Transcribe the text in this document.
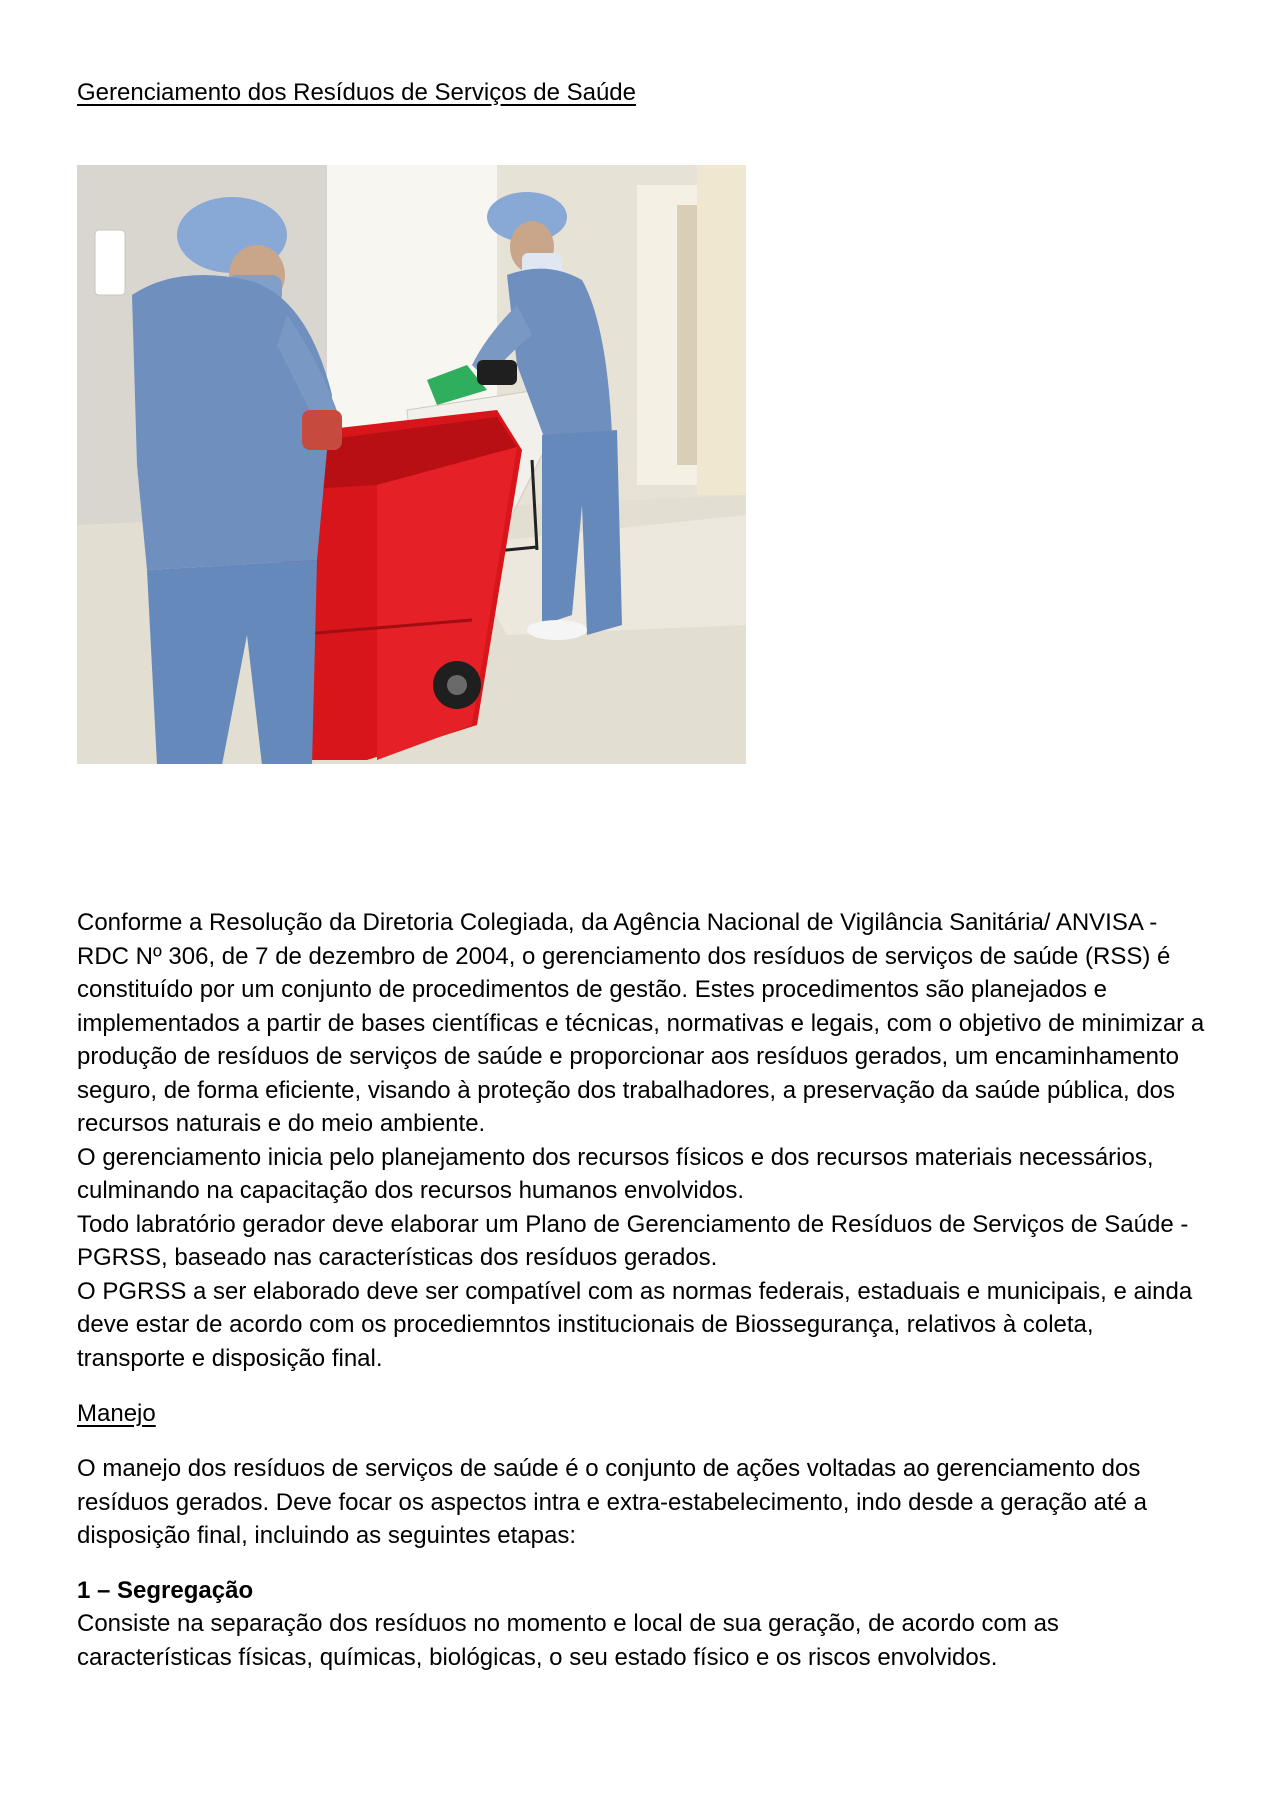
Gerenciamento dos Resíduos de Serviços de Saúde

Conforme a Resolução da Diretoria Colegiada, da Agência Nacional de Vigilância Sanitária/ ANVISA - RDC Nº 306, de 7 de dezembro de 2004, o gerenciamento dos resíduos de serviços de saúde (RSS) é constituído por um conjunto de procedimentos de gestão. Estes procedimentos são planejados e implementados a partir de bases científicas e técnicas, normativas e legais, com o objetivo de minimizar a produção de resíduos de serviços de saúde e proporcionar aos resíduos gerados, um encaminhamento seguro, de forma eficiente, visando à proteção dos trabalhadores, a preservação da saúde pública, dos recursos naturais e do meio ambiente.

O gerenciamento inicia pelo planejamento dos recursos físicos e dos recursos materiais necessários, culminando na capacitação dos recursos humanos envolvidos.

Todo labratório gerador deve elaborar um Plano de Gerenciamento de Resíduos de Serviços de Saúde - PGRSS, baseado nas características dos resíduos gerados.

O PGRSS a ser elaborado deve ser compatível com as normas federais, estaduais e municipais, e ainda deve estar de acordo com os procediemntos institucionais de Biossegurança, relativos à coleta, transporte e disposição final.

Manejo
O manejo dos resíduos de serviços de saúde é o conjunto de ações voltadas ao gerenciamento dos resíduos gerados. Deve focar os aspectos intra e extra-estabelecimento, indo desde a geração até a disposição final, incluindo as seguintes etapas:
1 – Segregação
Consiste na separação dos resíduos no momento e local de sua geração, de acordo com as características físicas, químicas, biológicas, o seu estado físico e os riscos envolvidos.
